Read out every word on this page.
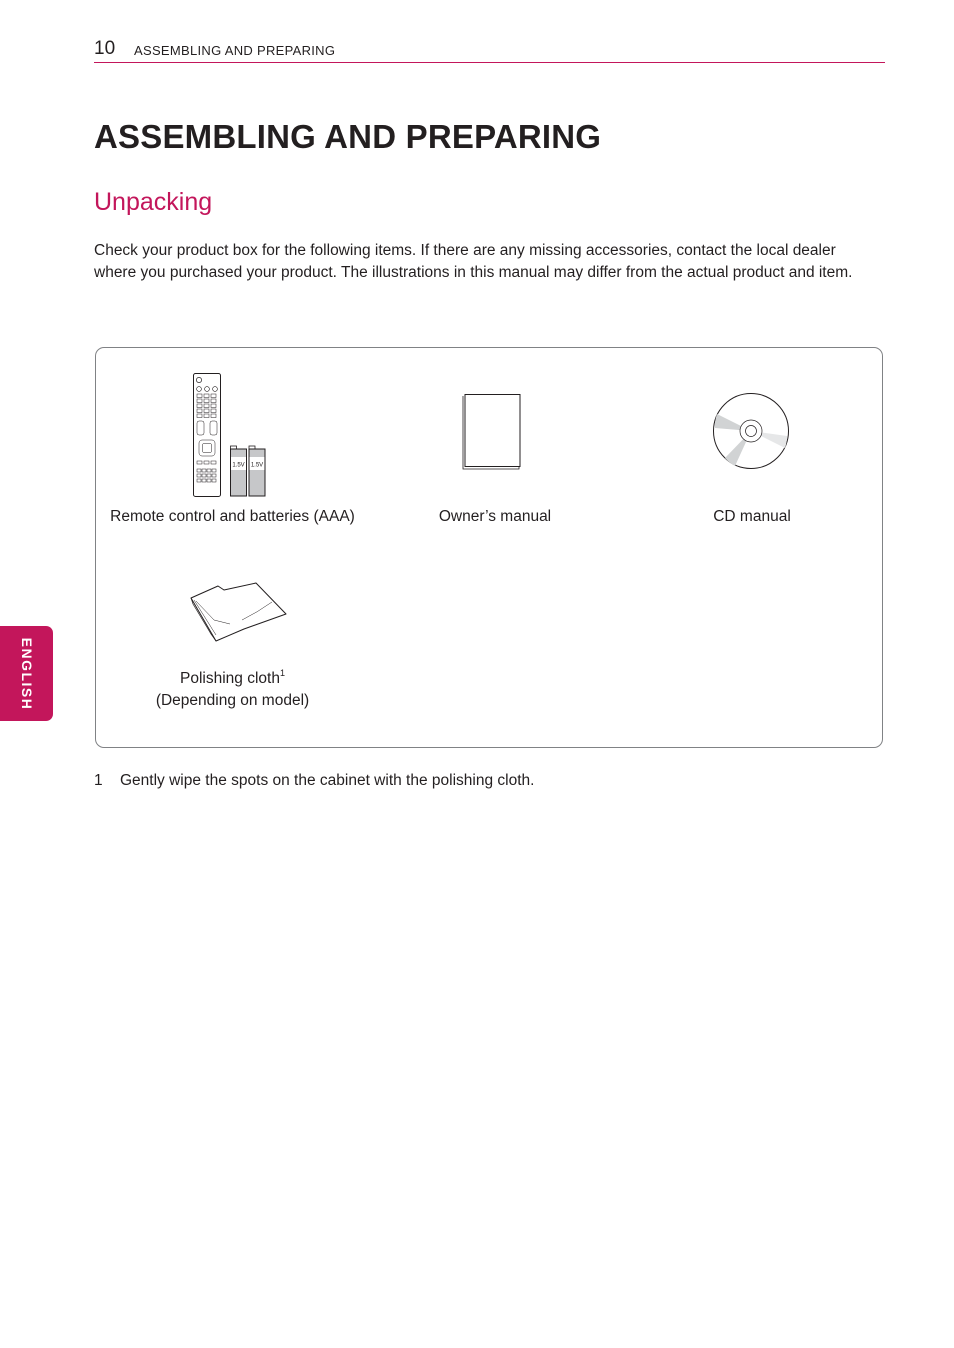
10 ASSEMBLING AND PREPARING
ASSEMBLING AND PREPARING
Unpacking

Check your product box for the following items. If there are any missing accessories, contact the local dealer where you purchased your product. The illustrations in this manual may differ from the actual product and item.

1.5V 1.5V
Remote control and batteries (AAA)	Owner’s manual	CD manual
Polishing cloth$^1$
(Depending on model)
1 Gently wipe the spots on the cabinet with the polishing cloth.
ENGLISH
